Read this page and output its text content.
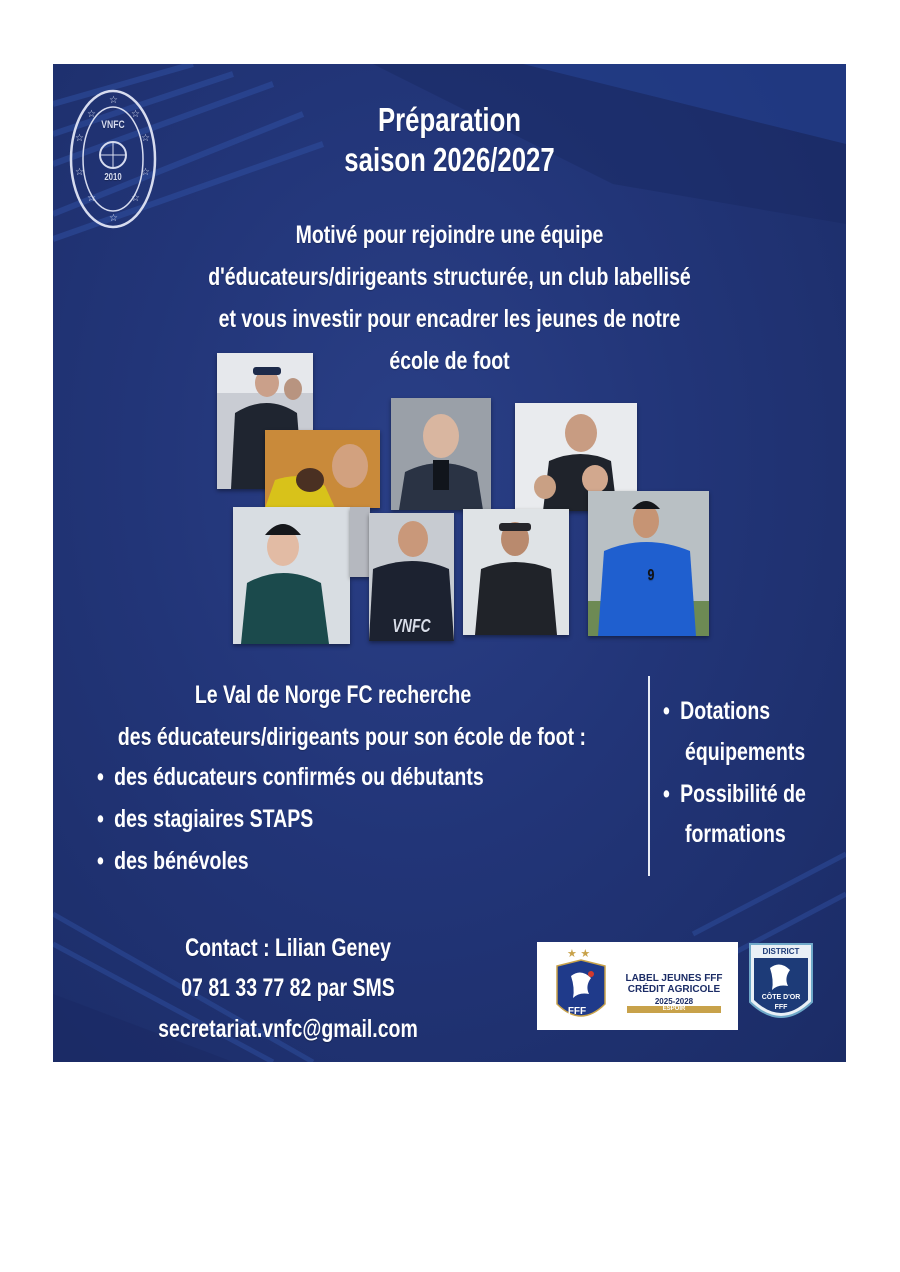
☆
☆
☆
☆
☆
☆
☆
☆
☆
☆
VNFC
2010
Préparation
saison 2026/2027
Motivé pour rejoindre une équipe
d'éducateurs/dirigeants structurée, un club labellisé
et vous investir pour encadrer les jeunes de notre
école de foot
VNFC
9
Le Val de Norge FC recherche
des éducateurs/dirigeants pour son école de foot :
• des éducateurs confirmés ou débutants
• des stagiaires STAPS
• des bénévoles
• Dotations
équipements
• Possibilité de
formations
Contact : Lilian Geney
07 81 33 77 82 par SMS
secretariat.vnfc@gmail.com
★ ★
FFF
LABEL JEUNES FFF
CRÉDIT AGRICOLE
2025-2028
ESPOIR
DISTRICT
CÔTE D'OR
FFF
